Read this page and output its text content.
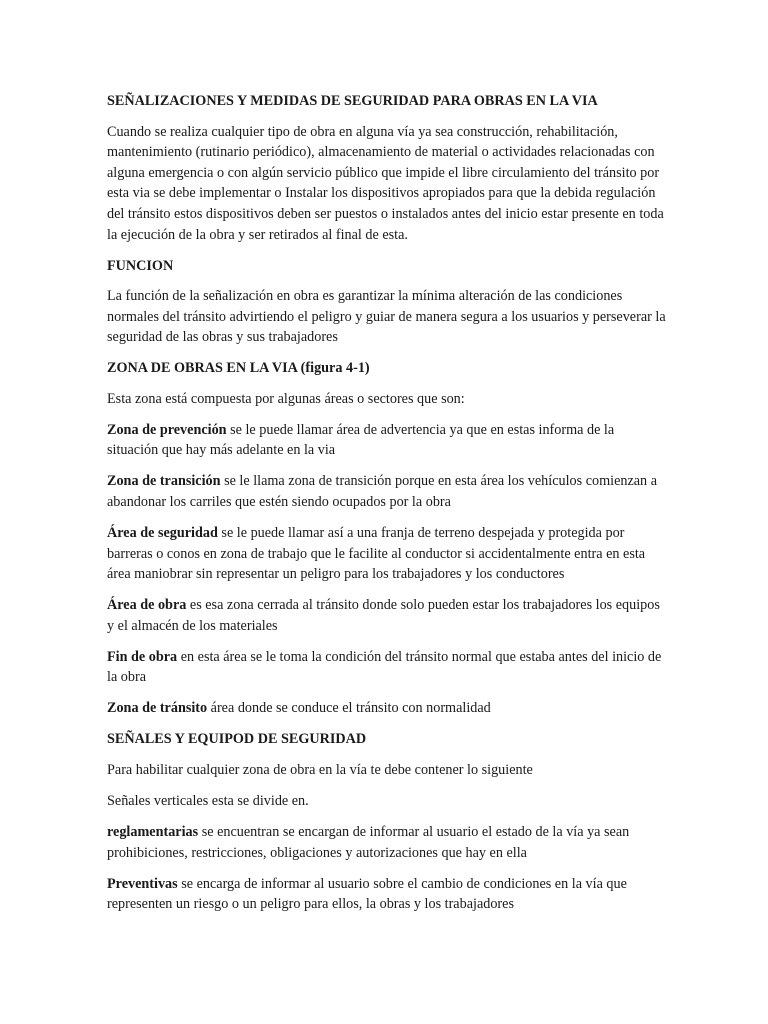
SEÑALIZACIONES Y MEDIDAS DE SEGURIDAD PARA OBRAS EN LA VIA
Cuando se realiza cualquier tipo de obra en alguna vía ya sea construcción, rehabilitación, mantenimiento (rutinario periódico), almacenamiento de material o actividades relacionadas con alguna emergencia o con algún servicio público que impide el libre circulamiento del tránsito por esta via se debe implementar o Instalar los dispositivos apropiados para que la debida regulación del tránsito estos dispositivos deben ser puestos o instalados antes del inicio estar presente en toda la ejecución de la obra y ser retirados al final de esta.
FUNCION
La función de la señalización en obra es garantizar la mínima alteración de las condiciones normales del tránsito advirtiendo el peligro y guiar de manera segura a los usuarios y perseverar la seguridad de las obras y sus trabajadores
ZONA DE OBRAS EN LA VIA (figura 4-1)
Esta zona está compuesta por algunas áreas o sectores que son:
Zona de prevención se le puede llamar área de advertencia ya que en estas informa de la situación que hay más adelante en la via
Zona de transición se le llama zona de transición porque en esta área los vehículos comienzan a abandonar los carriles que estén siendo ocupados por la obra
Área de seguridad se le puede llamar así a una franja de terreno despejada y protegida por barreras o conos en zona de trabajo que le facilite al conductor si accidentalmente entra en esta área maniobrar sin representar un peligro para los trabajadores y los conductores
Área de obra es esa zona cerrada al tránsito donde solo pueden estar los trabajadores los equipos y el almacén de los materiales
Fin de obra en esta área se le toma la condición del tránsito normal que estaba antes del inicio de la obra
Zona de tránsito área donde se conduce el tránsito con normalidad
SEÑALES Y EQUIPOD DE SEGURIDAD
Para habilitar cualquier zona de obra en la vía te debe contener lo siguiente
Señales verticales esta se divide en.
reglamentarias se encuentran se encargan de informar al usuario el estado de la vía ya sean prohibiciones, restricciones, obligaciones y autorizaciones que hay en ella
Preventivas se encarga de informar al usuario sobre el cambio de condiciones en la vía que representen un riesgo o un peligro para ellos, la obras y los trabajadores
